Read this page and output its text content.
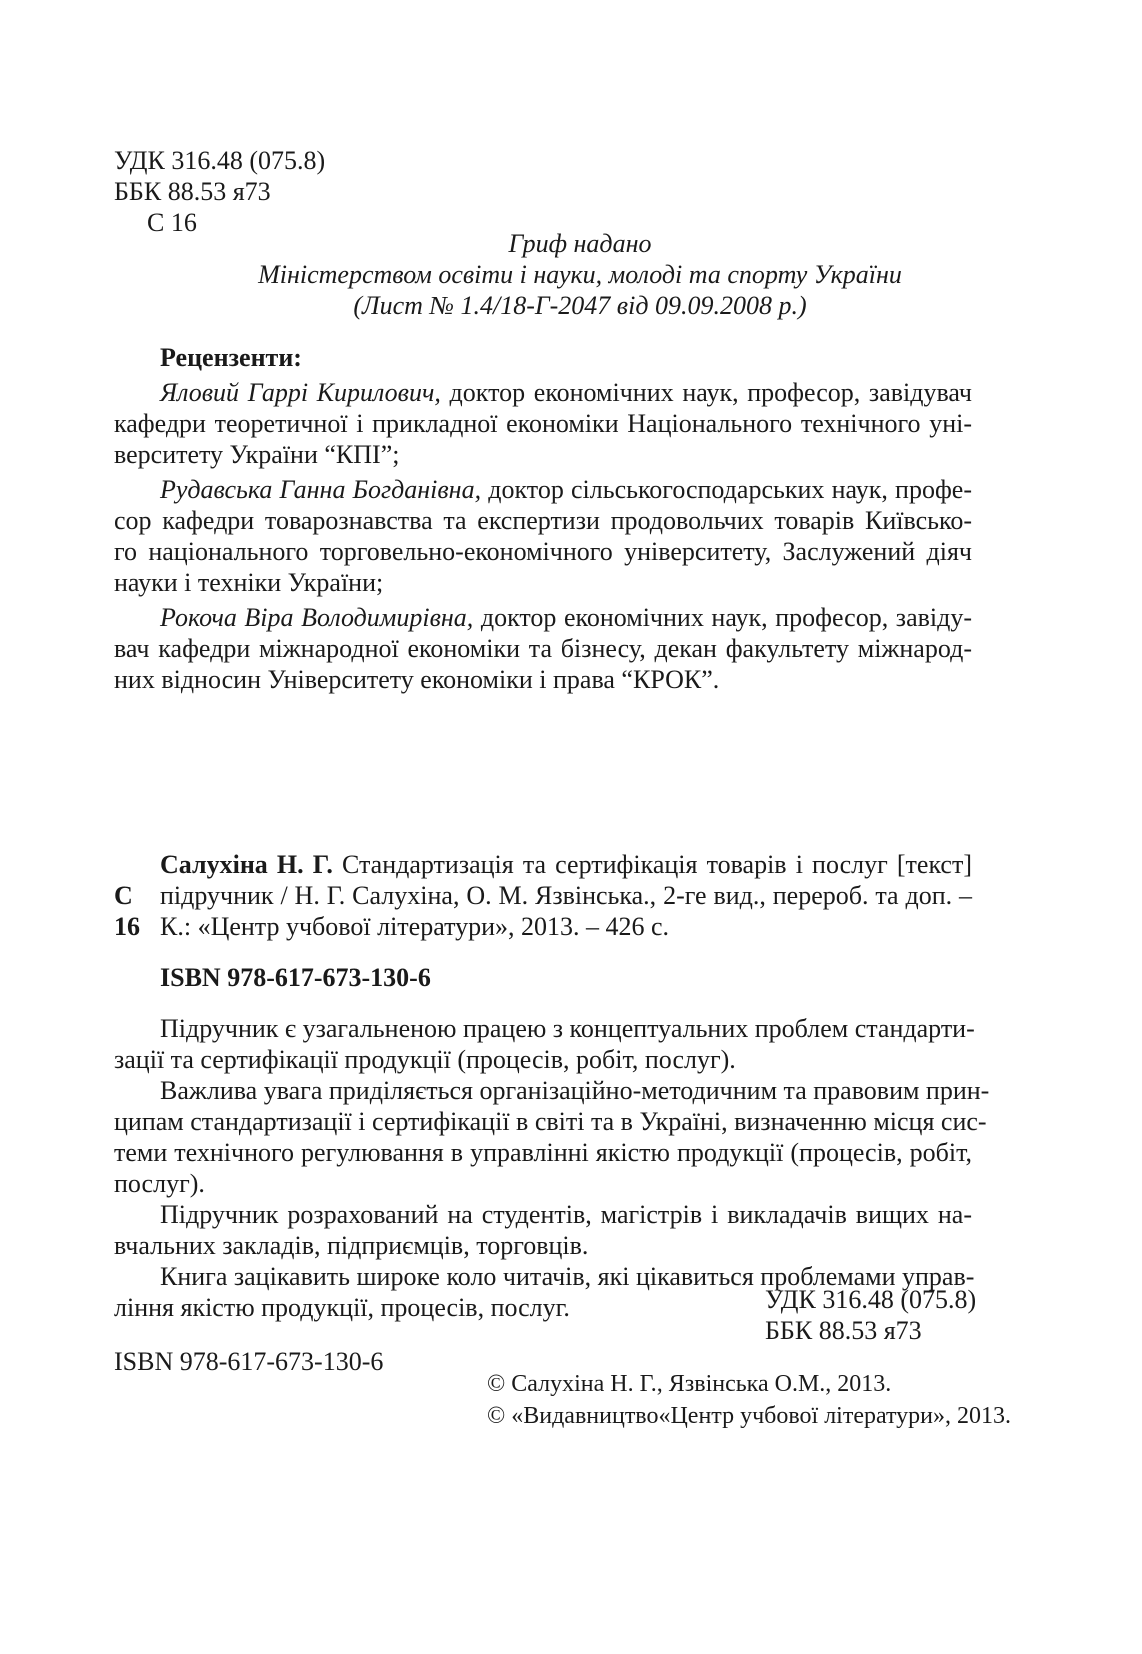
УДК 316.48 (075.8)
ББК 88.53 я73
С 16
Гриф надано
Міністерством освіти і науки, молоді та спорту України
(Лист № 1.4/18-Г-2047 від 09.09.2008 р.)
Рецензенти:
Яловий Гаррі Кирилович, доктор економічних наук, професор, завідувач
кафедри теоретичної і прикладної економіки Національного технічного уні-
верситету України “КПІ”;
Рудавська Ганна Богданівна, доктор сільськогосподарських наук, профе-
сор кафедри товарознавства та експертизи продовольчих товарів Київсько-
го національного торговельно-економічного університету, Заслужений діяч
науки і техніки України;
Рокоча Віра Володимирівна, доктор економічних наук, професор, завіду-
вач кафедри міжнародної економіки та бізнесу, декан факультету міжнарод-
них відносин Університету економіки і права “КРОК”.
С 16
Салухіна Н. Г. Стандартизація та сертифікація товарів і послуг [текст]
підручник / Н. Г. Салухіна, О. М. Язвінська., 2-ге вид., перероб. та доп. –
К.: «Центр учбової літератури», 2013. – 426 с.
ISBN 978-617-673-130-6
Підручник є узагальненою працею з концептуальних проблем стандарти-
зації та сертифікації продукції (процесів, робіт, послуг).
Важлива увага приділяється організаційно-методичним та правовим прин-
ципам стандартизації і сертифікації в світі та в Україні, визначенню місця сис-
теми технічного регулювання в управлінні якістю продукції (процесів, робіт,
послуг).
Підручник розрахований на студентів, магістрів і викладачів вищих на-
вчальних закладів, підприємців, торговців.
Книга зацікавить широке коло читачів, які цікавиться проблемами управ-
ління якістю продукції, процесів, послуг.	УДК 316.48 (075.8)
ББК 88.53 я73
ISBN 978-617-673-130-6
© Салухіна Н. Г., Язвінська О.М., 2013.
© «Видавництво«Центр учбової літератури», 2013.
